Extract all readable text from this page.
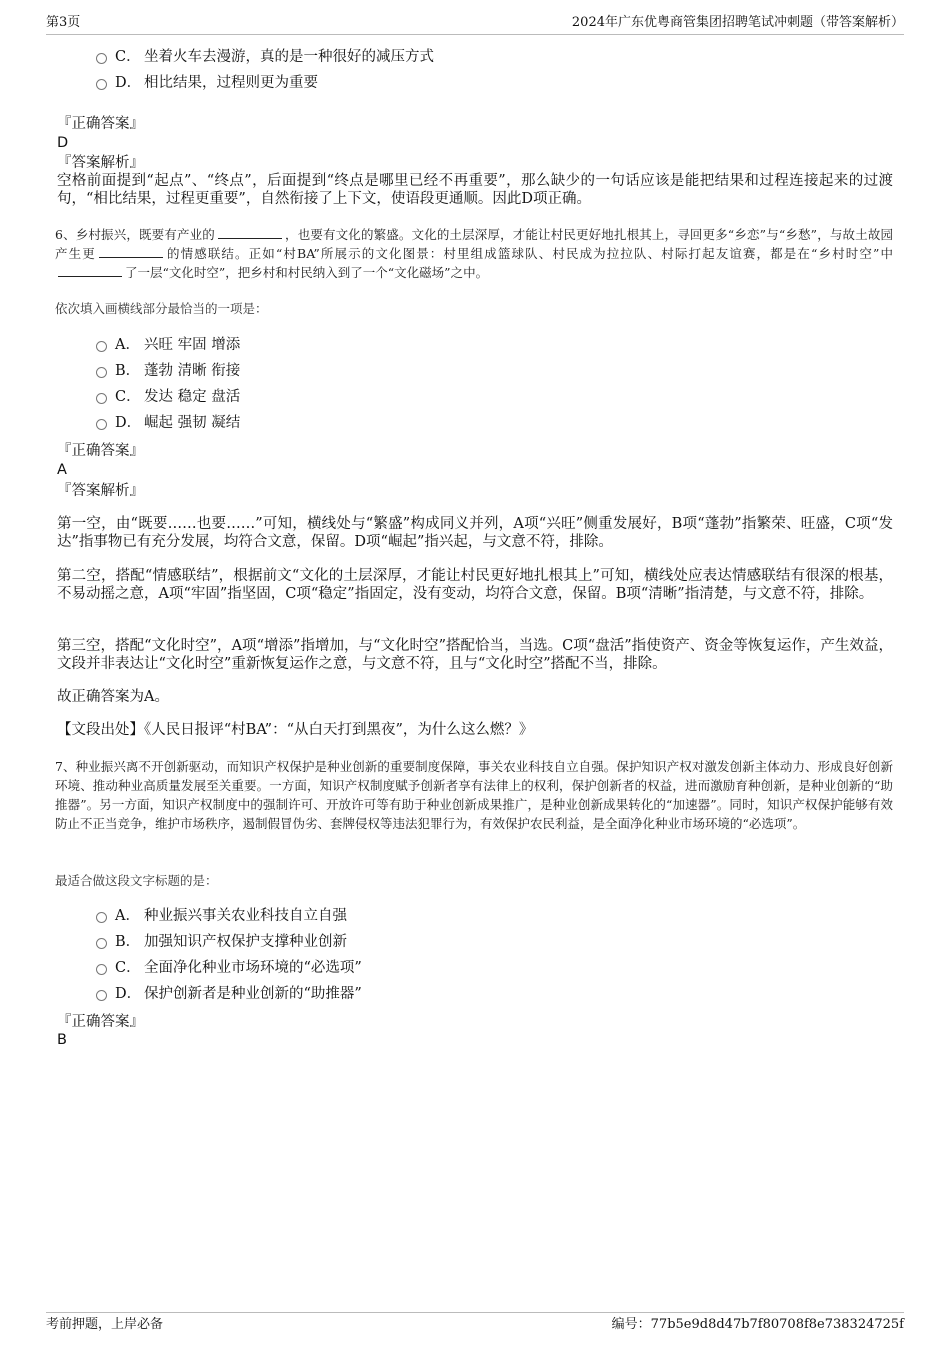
第3页	2024年广东优粤商管集团招聘笔试冲刺题（带答案解析）
C． 坐着火车去漫游，真的是一种很好的减压方式
D． 相比结果，过程则更为重要
『正确答案』
D
『答案解析』
空格前面提到“起点”、“终点”，后面提到“终点是哪里已经不再重要”，那么缺少的一句话应该是能把结果和过程连接起来的过渡句，“相比结果，过程更重要”，自然衔接了上下文，使语段更通顺。因此D项正确。
6、乡村振兴，既要有产业的	，也要有文化的繁盛。文化的土层深厚，才能让村民更好地扎根其上，寻回更多“乡恋”与“乡愁”，与故土故园产生更	的情感联结。正如“村BA”所展示的文化图景：村里组成篮球队、村民成为拉拉队、村际打起友谊赛，都是在“乡村时空”中了一层“文化时空”，把乡村和村民纳入到了一个“文化磁场”之中。
依次填入画横线部分最恰当的一项是：
A． 兴旺 牢固 增添
B． 蓬勃 清晰 衔接
C． 发达 稳定 盘活
D． 崛起 强韧 凝结
『正确答案』
A
『答案解析』
第一空，由“既要……也要……”可知，横线处与“繁盛”构成同义并列，A项“兴旺”侧重发展好，B项“蓬勃”指繁荣、旺盛，C项“发达”指事物已有充分发展，均符合文意，保留。D项“崛起”指兴起，与文意不符，排除。
第二空，搭配“情感联结”，根据前文“文化的土层深厚，才能让村民更好地扎根其上”可知，横线处应表达情感联结有很深的根基，不易动摇之意，A项“牢固”指坚固，C项“稳定”指固定，没有变动，均符合文意，保留。B项“清晰”指清楚，与文意不符，排除。
第三空，搭配“文化时空”，A项“增添”指增加，与“文化时空”搭配恰当，当选。C项“盘活”指使资产、资金等恢复运作，产生效益，文段并非表达让“文化时空”重新恢复运作之意，与文意不符，且与“文化时空”搭配不当，排除。
故正确答案为A。
【文段出处】《人民日报评“村BA”：“从白天打到黑夜”，为什么这么燃？》
7、种业振兴离不开创新驱动，而知识产权保护是种业创新的重要制度保障，事关农业科技自立自强。保护知识产权对激发创新主体动力、形成良好创新环境、推动种业高质量发展至关重要。一方面，知识产权制度赋予创新者享有法律上的权利，保护创新者的权益，进而激励育种创新，是种业创新的“助推器”。另一方面，知识产权制度中的强制许可、开放许可等有助于种业创新成果推广，是种业创新成果转化的“加速器”。同时，知识产权保护能够有效防止不正当竞争，维护市场秩序，遏制假冒伪劣、套牌侵权等违法犯罪行为，有效保护农民利益，是全面净化种业市场环境的“必选项”。
最适合做这段文字标题的是：
A． 种业振兴事关农业科技自立自强
B． 加强知识产权保护支撑种业创新
C． 全面净化种业市场环境的“必选项”
D． 保护创新者是种业创新的“助推器”
『正确答案』
B
考前押题，上岸必备	编号：77b5e9d8d47b7f80708f8e738324725f
